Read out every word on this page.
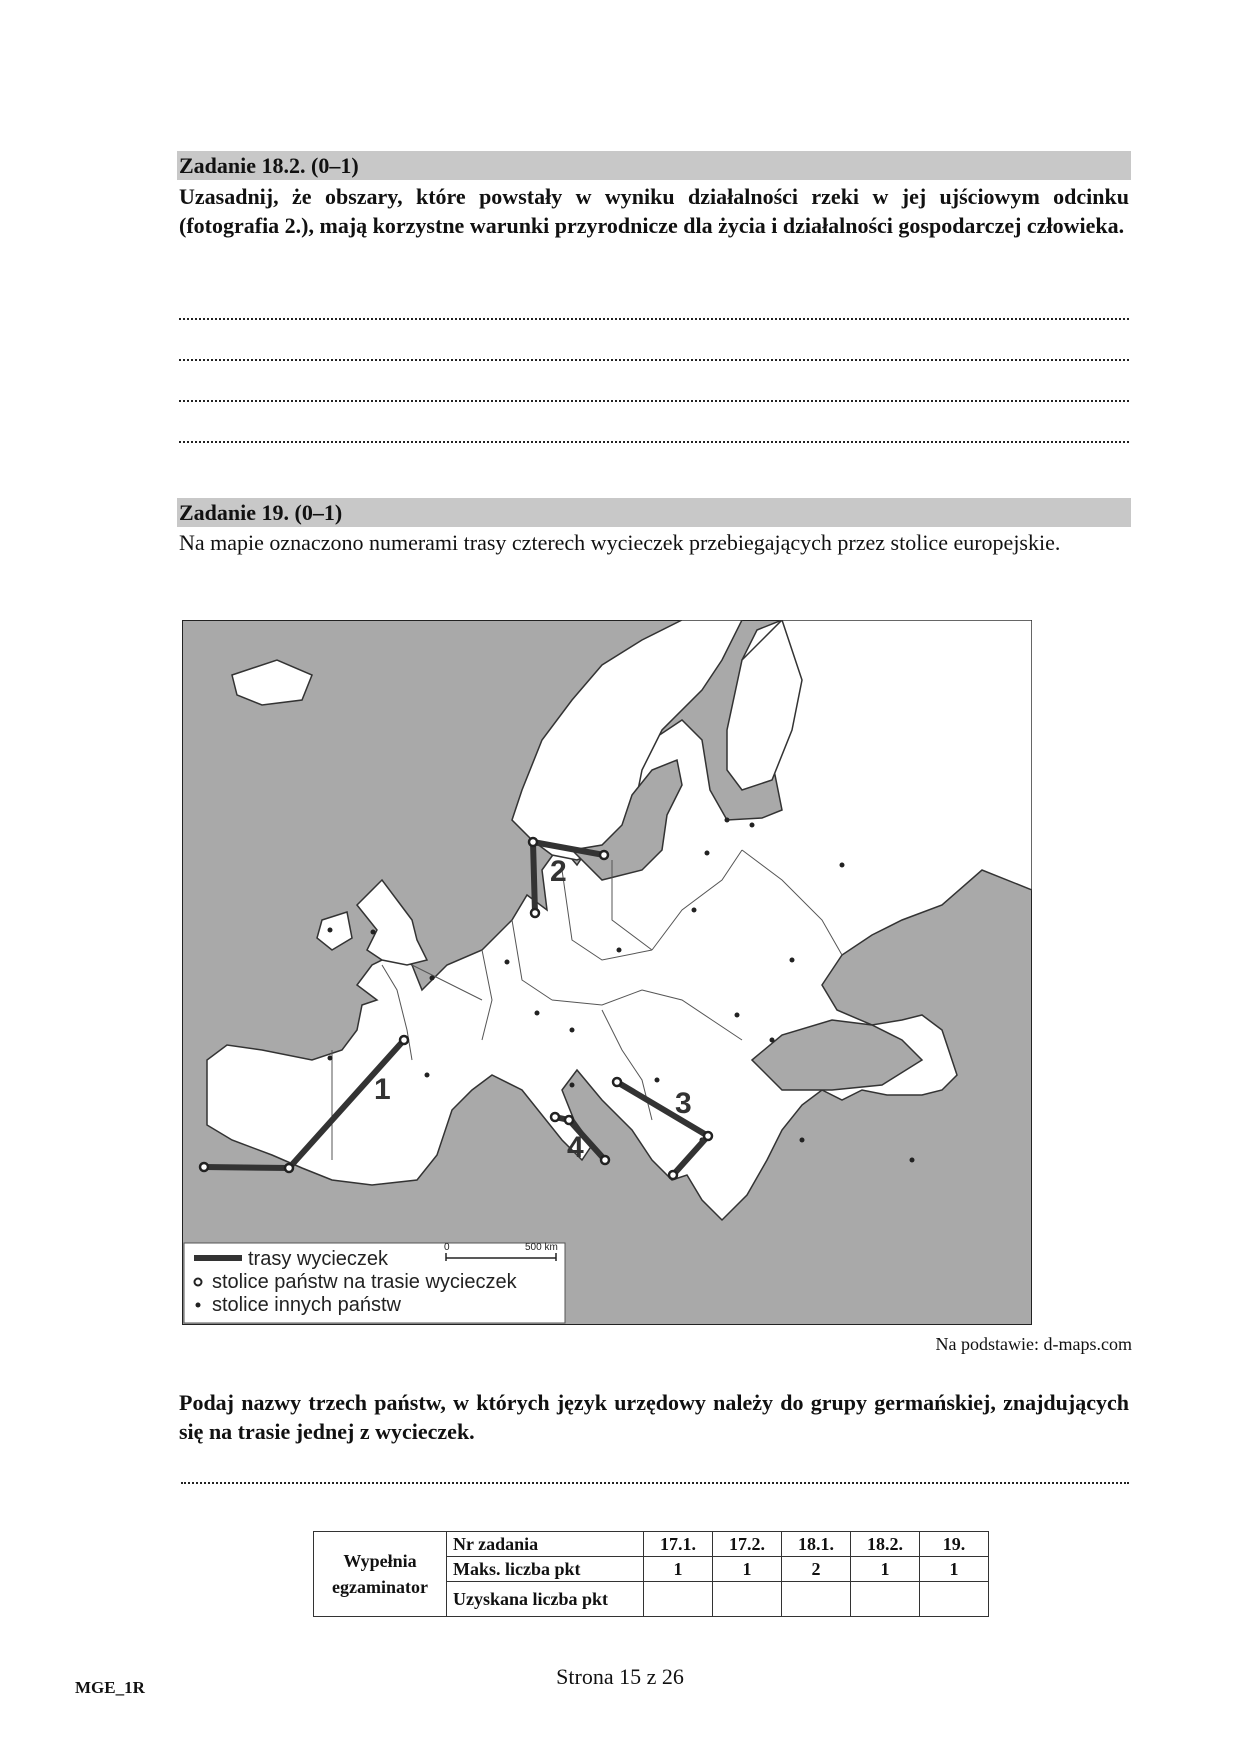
Zadanie 18.2. (0–1)
Uzasadnij, że obszary, które powstały w wyniku działalności rzeki w jej ujściowym odcinku (fotografia 2.), mają korzystne warunki przyrodnicze dla życia i działalności gospodarczej człowieka.
Zadanie 19. (0–1)
Na mapie oznaczono numerami trasy czterech wycieczek przebiegających przez stolice europejskie.
1
2
3
4
trasy wycieczek
stolice państw na trasie wycieczek
stolice innych państw
0	500 km
Na podstawie: d-maps.com
Podaj nazwy trzech państw, w których język urzędowy należy do grupy germańskiej, znajdujących się na trasie jednej z wycieczek.
Wypełnia egzaminator	Nr zadania	17.1.	17.2.	18.1.	18.2.	19.
	Maks. liczba pkt	1	1	2	1	1
	Uzyskana liczba pkt					
MGE_1R	Strona 15 z 26
